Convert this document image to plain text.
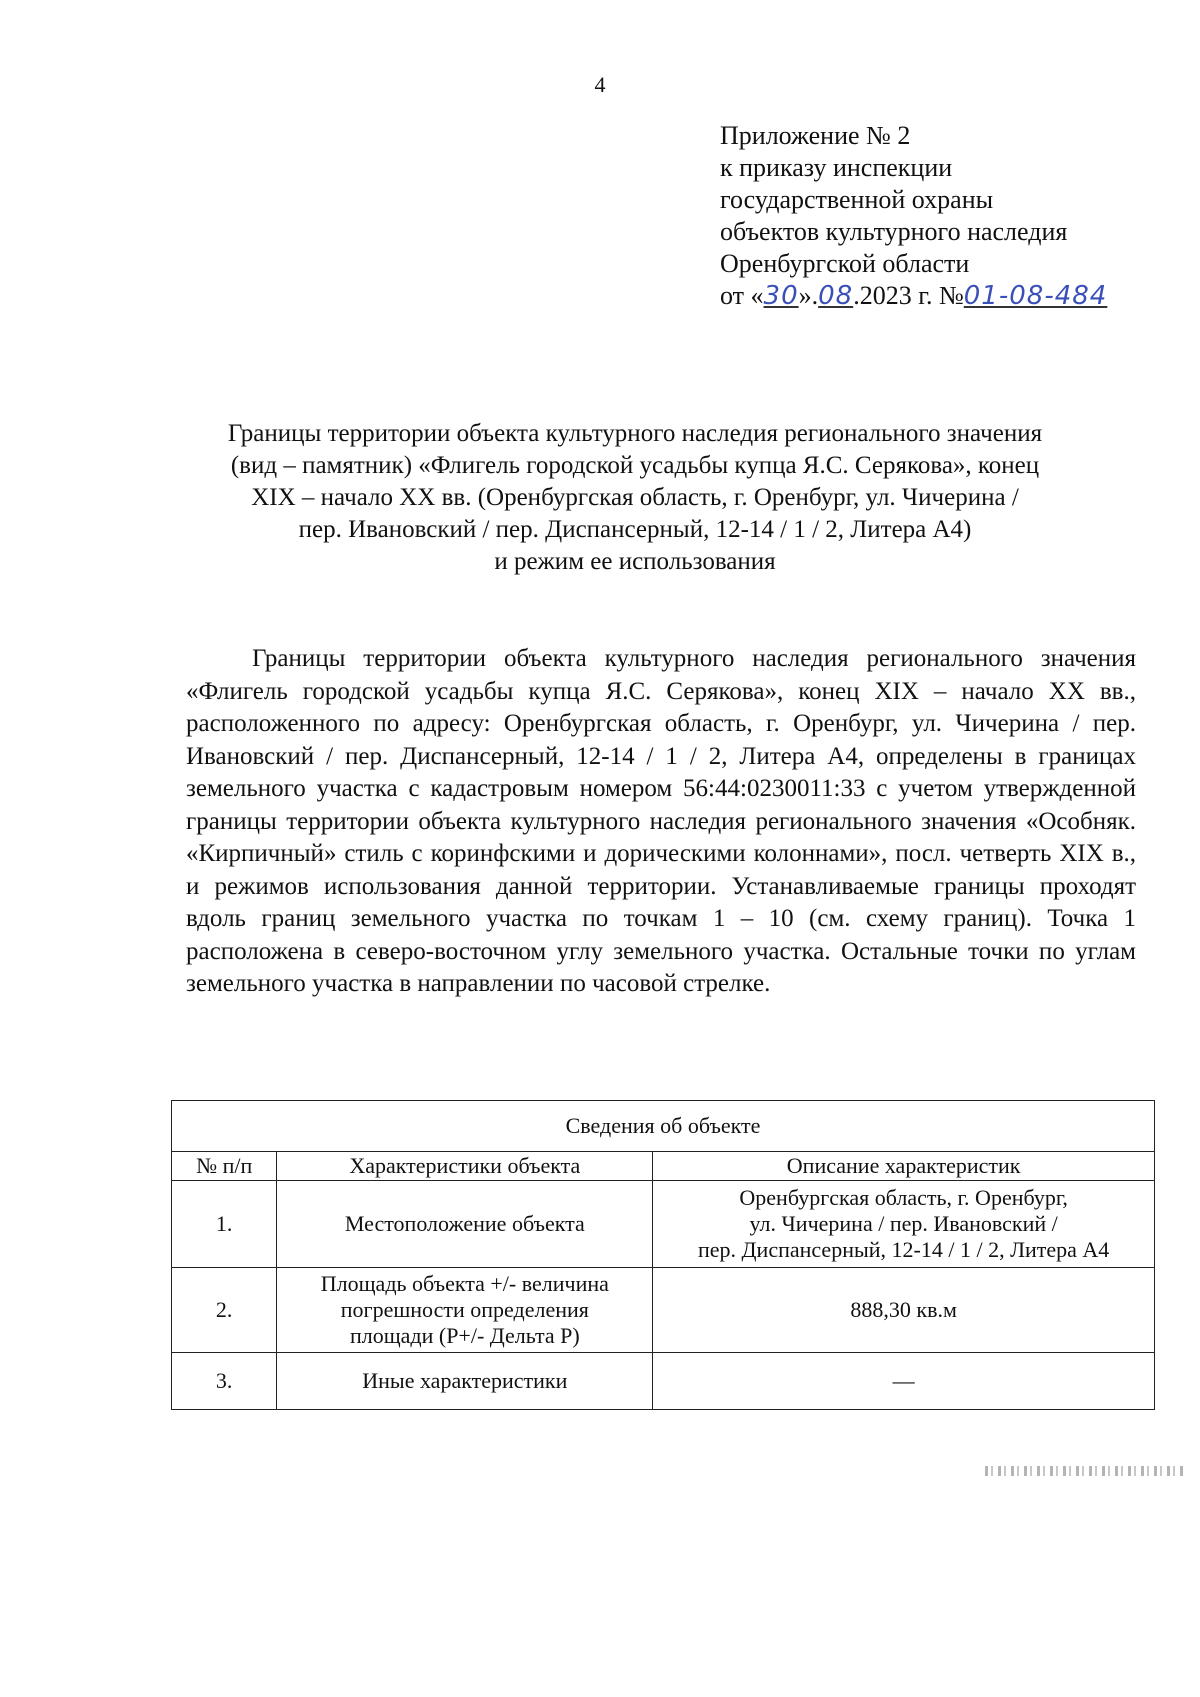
4
Приложение № 2
к приказу инспекции
государственной охраны
объектов культурного наследия
Оренбургской области
от «30».08.2023 г. №01-08-484
Границы территории объекта культурного наследия регионального значения
(вид – памятник) «Флигель городской усадьбы купца Я.С. Серякова», конец
XIX – начало XX вв. (Оренбургская область, г. Оренбург, ул. Чичерина /
пер. Ивановский / пер. Диспансерный, 12-14 / 1 / 2, Литера А4)
и режим ее использования
Границы территории объекта культурного наследия регионального значения «Флигель городской усадьбы купца Я.С. Серякова», конец XIX – начало XX вв., расположенного по адресу: Оренбургская область, г. Оренбург, ул. Чичерина / пер. Ивановский / пер. Диспансерный, 12-14 / 1 / 2, Литера А4, определены в границах земельного участка с кадастровым номером 56:44:0230011:33 с учетом утвержденной границы территории объекта культурного наследия регионального значения «Особняк. «Кирпичный» стиль с коринфскими и дорическими колоннами», посл. четверть XIX в., и режимов использования данной территории. Устанавливаемые границы проходят вдоль границ земельного участка по точкам 1 – 10 (см. схему границ). Точка 1 расположена в северо-восточном углу земельного участка. Остальные точки по углам земельного участка в направлении по часовой стрелке.
Сведения об объекте		
№ п/п	Характеристики объекта	Описание характеристик
1.	Местоположение объекта	Оренбургская область, г. Оренбург,
ул. Чичерина / пер. Ивановский /
пер. Диспансерный, 12-14 / 1 / 2, Литера А4

2.	Площадь объекта +/- величина
погрешности определения
площади (Р+/- Дельта Р)	888,30 кв.м
3.	Иные характеристики	—
